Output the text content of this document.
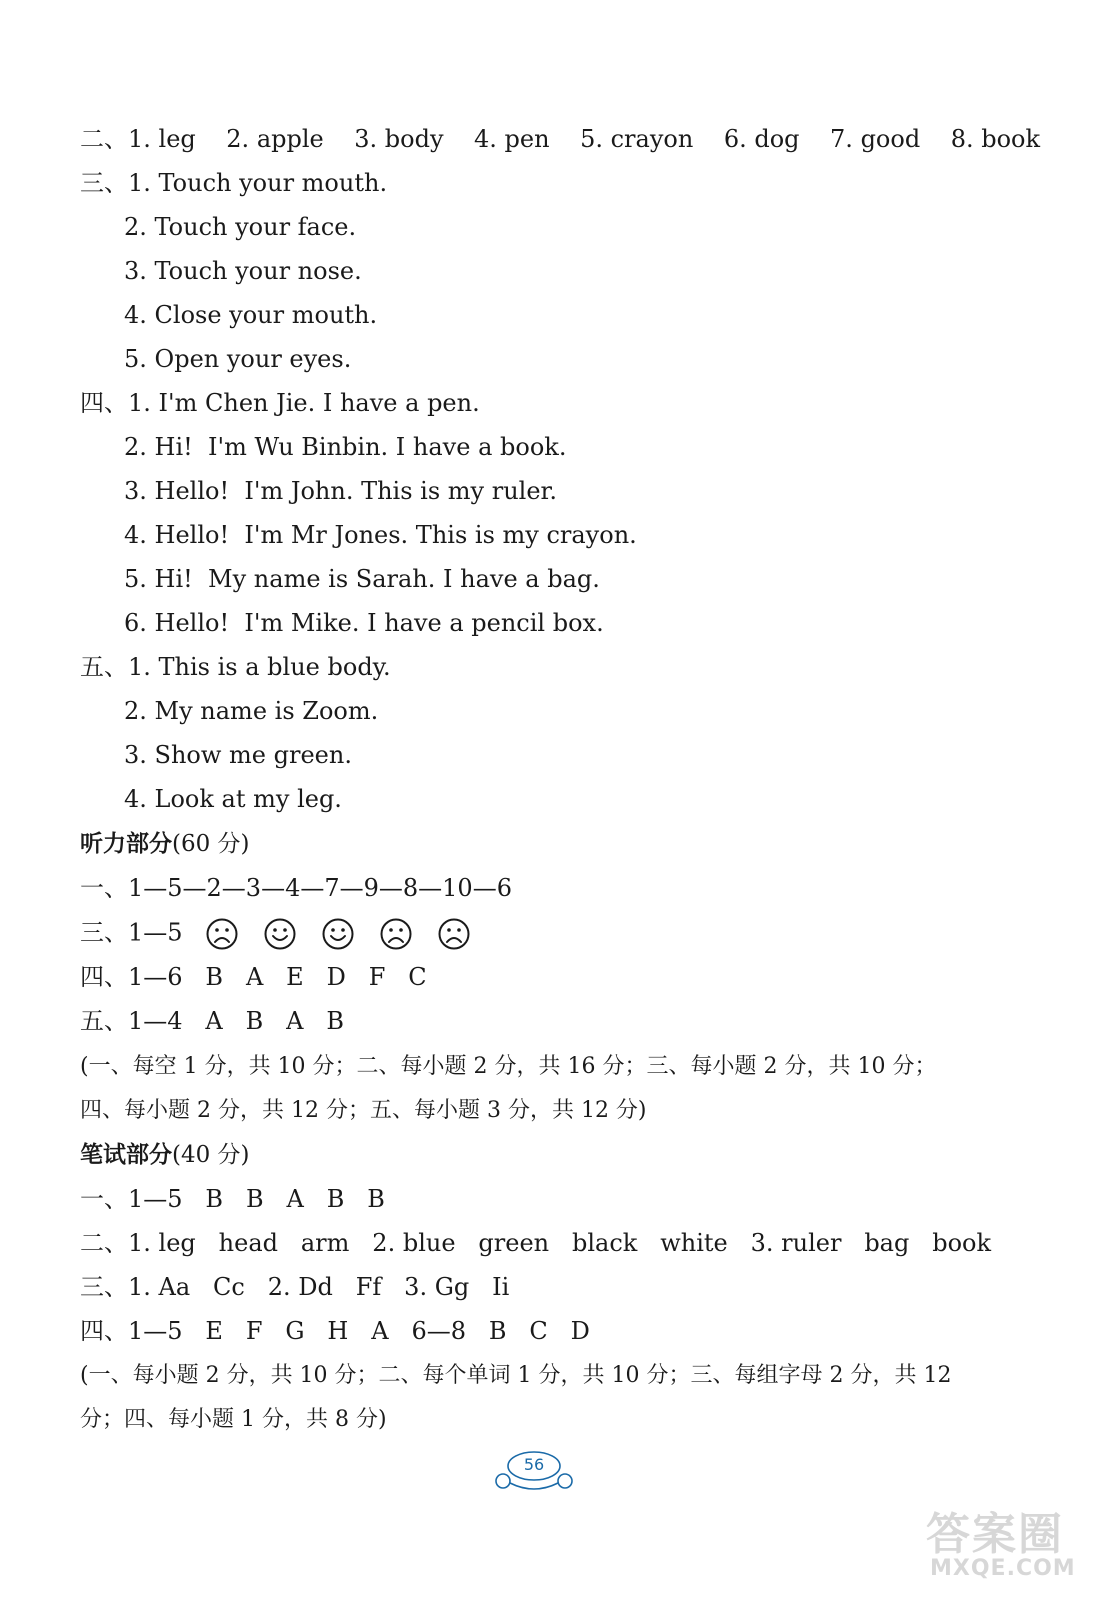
二、1. leg    2. apple    3. body    4. pen    5. crayon    6. dog    7. good    8. book
三、1. Touch your mouth.
2. Touch your face.
3. Touch your nose.
4. Close your mouth.
5. Open your eyes.
四、1. I'm Chen Jie. I have a pen.
2. Hi!  I'm Wu Binbin. I have a book.
3. Hello!  I'm John. This is my ruler.
4. Hello!  I'm Mr Jones. This is my crayon.
5. Hi!  My name is Sarah. I have a bag.
6. Hello!  I'm Mike. I have a pencil box.
五、1. This is a blue body.
2. My name is Zoom.
3. Show me green.
4. Look at my leg.
听力部分(60 分)
一、1—5—2—3—4—7—9—8—10—6
三、1—5
四、1—6   B   A   E   D   F   C
五、1—4   A   B   A   B
(一、每空 1 分，共 10 分；二、每小题 2 分，共 16 分；三、每小题 2 分，共 10 分；
四、每小题 2 分，共 12 分；五、每小题 3 分，共 12 分)
笔试部分(40 分)
一、1—5   B   B   A   B   B
二、1. leg   head   arm   2. blue   green   black   white   3. ruler   bag   book
三、1. Aa   Cc   2. Dd   Ff   3. Gg   Ii
四、1—5   E   F   G   H   A   6—8   B   C   D
(一、每小题 2 分，共 10 分；二、每个单词 1 分，共 10 分；三、每组字母 2 分，共 12
分；四、每小题 1 分，共 8 分)
56
答案圈
MXQE.COM
